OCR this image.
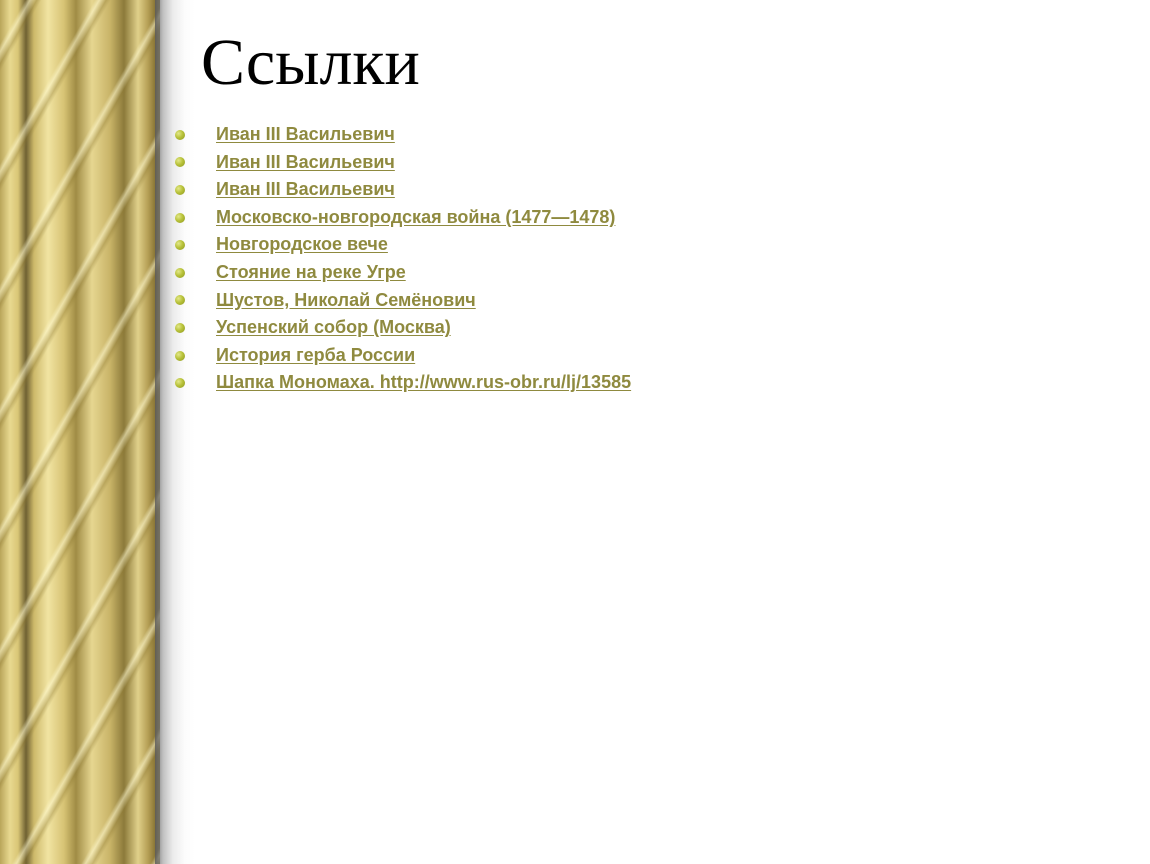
Ссылки
Иван III Васильевич
Иван III Васильевич
Иван III Васильевич
Московско-новгородская война (1477—1478)
Новгородское вече
Стояние на реке Угре
Шустов, Николай Семёнович
Успенский собор (Москва)
История герба России
Шапка Мономаха. http://www.rus-obr.ru/lj/13585
